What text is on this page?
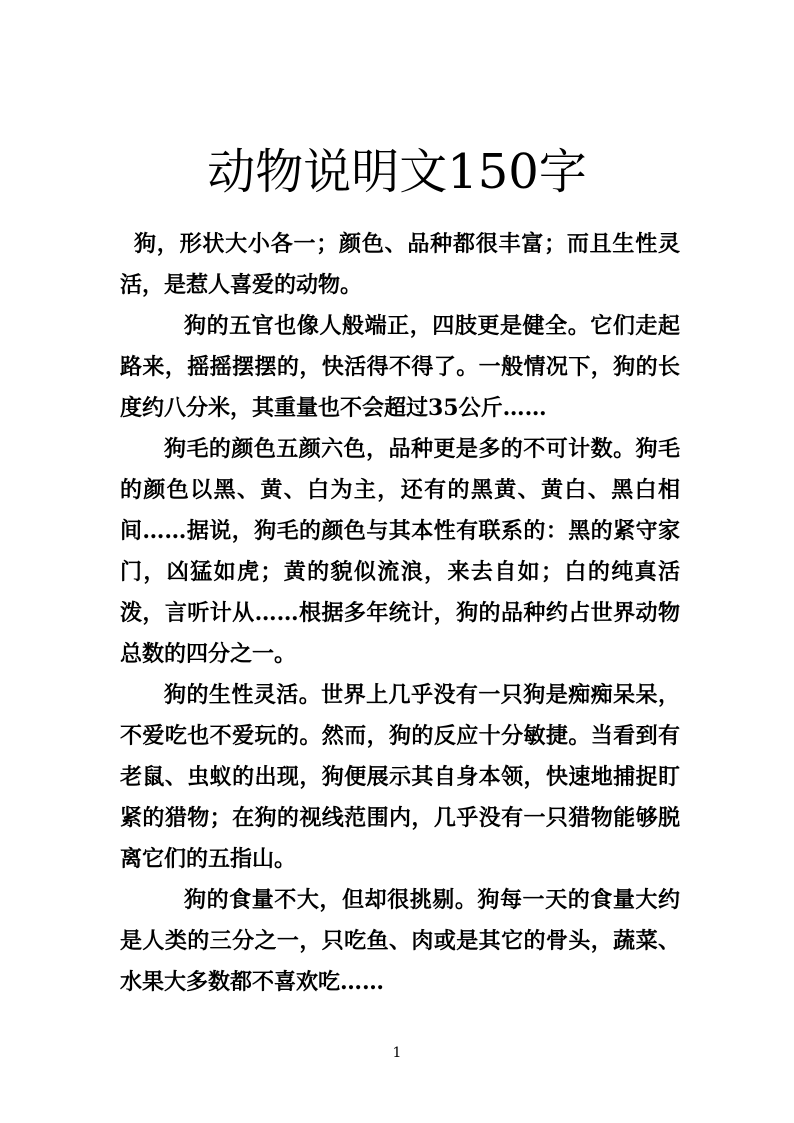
动物说明文150字

狗，形状大小各一；颜色、品种都很丰富；而且生性灵活，是惹人喜爱的动物。

狗的五官也像人般端正，四肢更是健全。它们走起路来，摇摇摆摆的，快活得不得了。一般情况下，狗的长度约八分米，其重量也不会超过35公斤……

狗毛的颜色五颜六色，品种更是多的不可计数。狗毛的颜色以黑、黄、白为主，还有的黑黄、黄白、黑白相间……据说，狗毛的颜色与其本性有联系的：黑的紧守家门，凶猛如虎；黄的貌似流浪，来去自如；白的纯真活泼，言听计从……根据多年统计，狗的品种约占世界动物总数的四分之一。

狗的生性灵活。世界上几乎没有一只狗是痴痴呆呆，不爱吃也不爱玩的。然而，狗的反应十分敏捷。当看到有老鼠、虫蚁的出现，狗便展示其自身本领，快速地捕捉盯紧的猎物；在狗的视线范围内，几乎没有一只猎物能够脱离它们的五指山。

狗的食量不大，但却很挑剔。狗每一天的食量大约是人类的三分之一，只吃鱼、肉或是其它的骨头，蔬菜、水果大多数都不喜欢吃……

1
